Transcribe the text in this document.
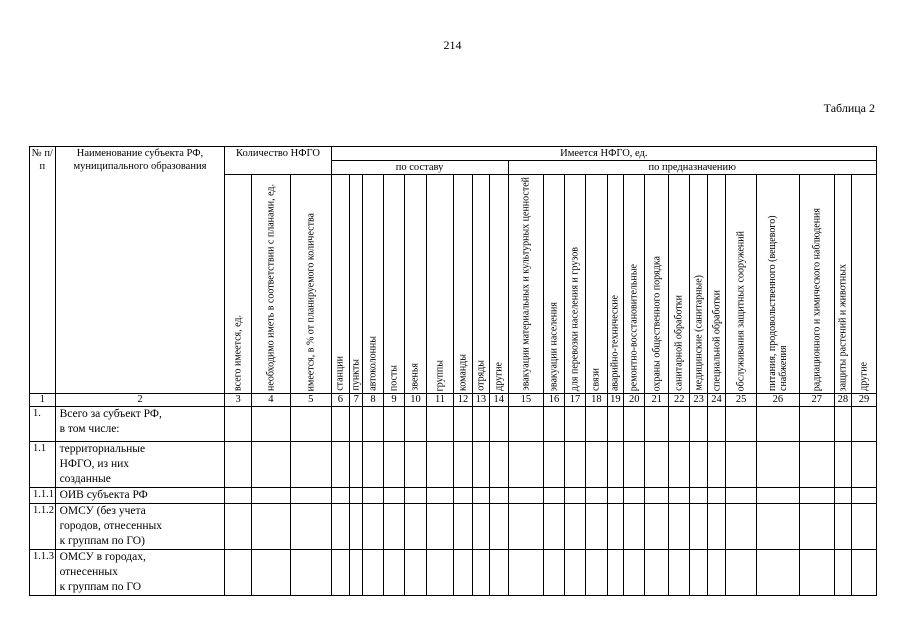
214
Таблица 2
№ п/п	Наименование субъекта РФ, муниципального образования	Количество НФГО			Имеется НФГО, ед.																							
					по составу									по предназначению														

		всего имеется, ед.	необходимо иметь в соответствии с планами, ед.	имеется, в % от планируемого количества	станции	пункты	автоколонны	посты	звенья	группы	команды	отряды	другие	эвакуации материальных и культурных ценностей	эвакуации населения	для перевозки населения и грузов	связи	аварийно-технические	ремонтно-восстановительные	охраны общественного порядка	санитарной обработки	медицинские (санитарные)	специальной обработки	обслуживания защитных сооружений	питания, продовольственного (вещевого) снабжения	радиационного и химического наблюдения	защиты растений и животных	другие

1	2	3	4	5	6	7	8	9	10	11	12	13	14	15	16	17	18	19	20	21	22	23	24	25	26	27	28	29
1.	Всего за субъект РФ,
в том числе:																											

1.1	территориальные
НФГО, из них
созданные																											

1.1.1	ОИВ субъекта РФ																											

1.1.2	ОМСУ (без учета
городов, отнесенных
к группам по ГО)																											

1.1.3	ОМСУ в городах,
отнесенных
к группам по ГО																											
